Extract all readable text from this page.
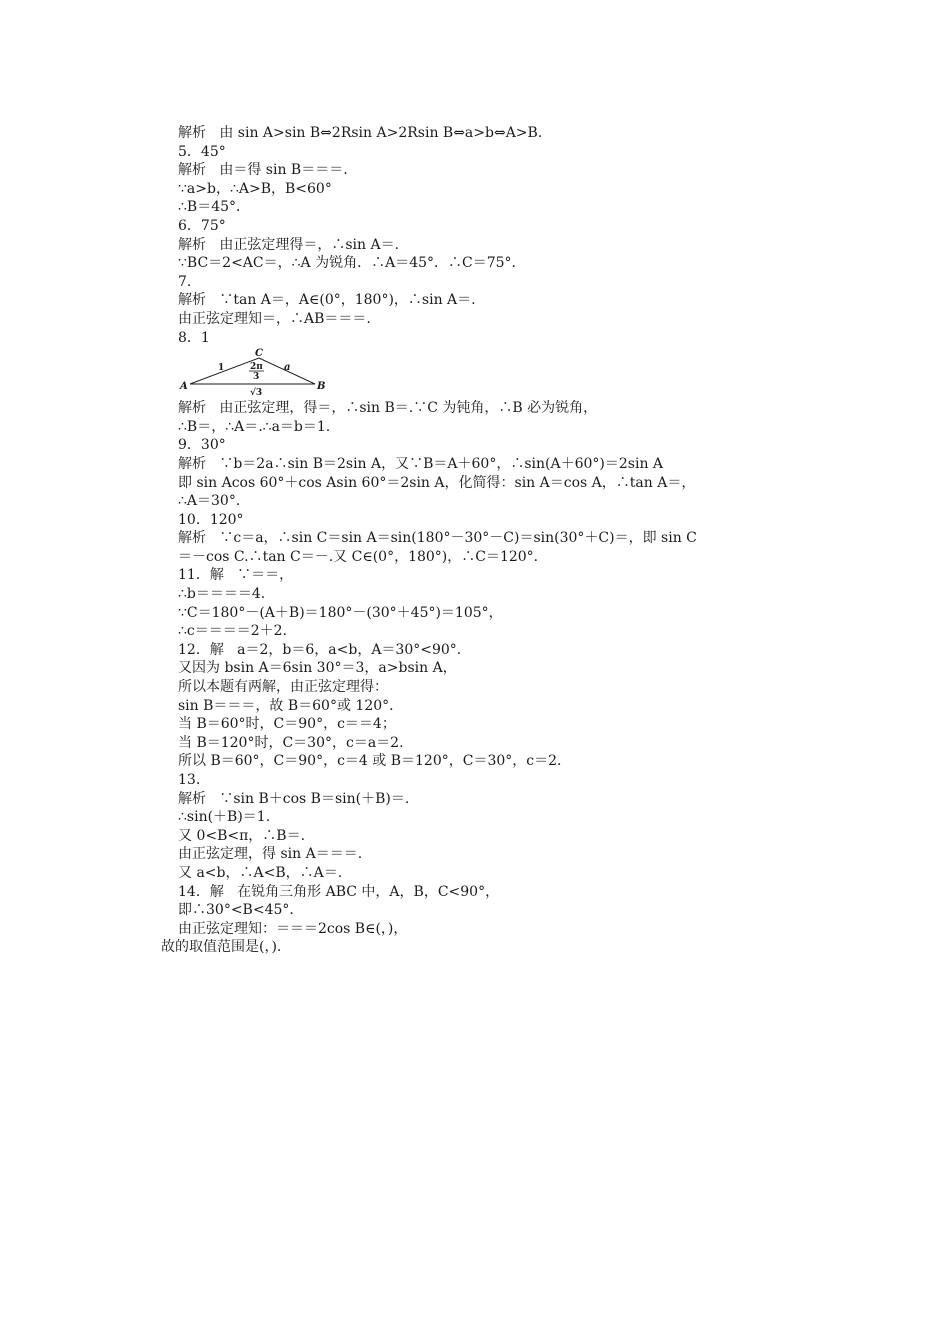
解析   由 sin A>sin B⇔2Rsin A>2Rsin B⇔a>b⇔A>B.
5．45°
解析   由＝得 sin B＝＝＝.
∵a>b，∴A>B，B<60°
∴B＝45°．
6．75°
解析   由正弦定理得＝，∴sin A＝.
∵BC＝2<AC＝，∴A 为锐角．∴A＝45°．∴C＝75°．
7.
解析   ∵tan A＝，A∈(0°，180°)，∴sin A＝.
由正弦定理知＝，∴AB＝＝＝.
8．1
A	B
C
1	a
2π
3
√3
解析   由正弦定理，得＝，∴sin B＝.∵C 为钝角，∴B 必为锐角，
∴B＝，∴A＝.∴a＝b＝1.
9．30°
解析   ∵b＝2a∴sin B＝2sin A，又∵B＝A＋60°，∴sin(A＋60°)＝2sin A
即 sin Acos 60°＋cos Asin 60°＝2sin A，化简得：sin A＝cos A，∴tan A＝，
∴A＝30°．
10．120°
解析   ∵c＝a，∴sin C＝sin A＝sin(180°－30°－C)＝sin(30°＋C)＝，即 sin C
＝－cos C.∴tan C＝－.又 C∈(0°，180°)，∴C＝120°．
11．解   ∵＝＝，
∴b＝＝＝＝4.
∵C＝180°－(A＋B)＝180°－(30°＋45°)＝105°，
∴c＝＝＝＝2＋2.
12．解   a＝2，b＝6，a<b，A＝30°<90°．
又因为 bsin A＝6sin 30°＝3，a>bsin A，
所以本题有两解，由正弦定理得：
sin B＝＝＝，故 B＝60°或 120°．
当 B＝60°时，C＝90°，c＝＝4；
当 B＝120°时，C＝30°，c＝a＝2.
所以 B＝60°，C＝90°，c＝4 或 B＝120°，C＝30°，c＝2.
13.
解析   ∵sin B＋cos B＝sin(＋B)＝.
∴sin(＋B)＝1.
又 0<B<π，∴B＝.
由正弦定理，得 sin A＝＝＝.
又 a<b，∴A<B，∴A＝.
14．解   在锐角三角形 ABC 中，A，B，C<90°，
即∴30°<B<45°．
由正弦定理知：＝＝＝2cos B∈(，)，
故的取值范围是(，).
